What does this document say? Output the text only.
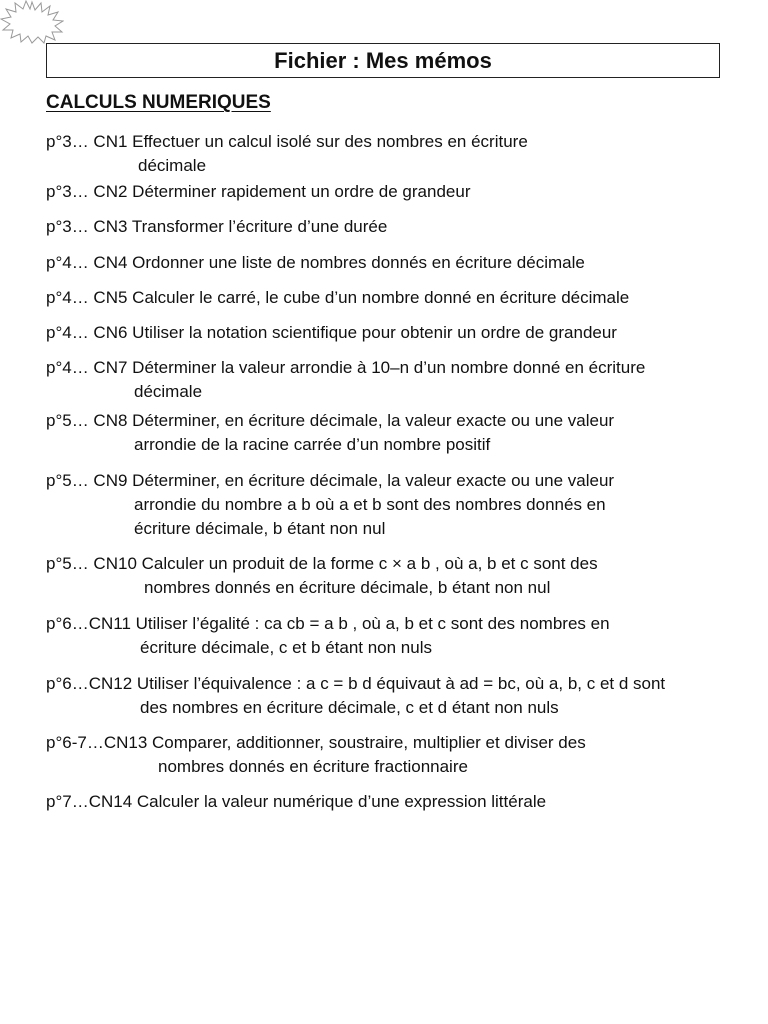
Fichier : Mes mémos
CALCULS NUMERIQUES
p°3… CN1 Effectuer un calcul isolé sur des nombres en écriture
décimale
p°3… CN2 Déterminer rapidement un ordre de grandeur
p°3… CN3 Transformer l’écriture d’une durée
p°4… CN4 Ordonner une liste de nombres donnés en écriture décimale
p°4… CN5 Calculer le carré, le cube d’un nombre donné en écriture décimale
p°4… CN6 Utiliser la notation scientifique pour obtenir un ordre de grandeur
p°4… CN7 Déterminer la valeur arrondie à 10–n d’un nombre donné en écriture
décimale
p°5… CN8 Déterminer, en écriture décimale, la valeur exacte ou une valeur
arrondie de la racine carrée d’un nombre positif
p°5… CN9 Déterminer, en écriture décimale, la valeur exacte ou une valeur
arrondie du nombre a b où a et b sont des nombres donnés en
écriture décimale, b étant non nul
p°5… CN10 Calculer un produit de la forme c × a b , où a, b et c sont des
nombres donnés en écriture décimale, b étant non nul
p°6…CN11 Utiliser l’égalité : ca cb = a b , où a, b et c sont des nombres en
écriture décimale, c et b étant non nuls
p°6…CN12 Utiliser l’équivalence : a c = b d équivaut à ad = bc, où a, b, c et d sont
des nombres en écriture décimale, c et d étant non nuls
p°6-7…CN13 Comparer, additionner, soustraire, multiplier et diviser des
nombres donnés en écriture fractionnaire
p°7…CN14 Calculer la valeur numérique d’une expression littérale
